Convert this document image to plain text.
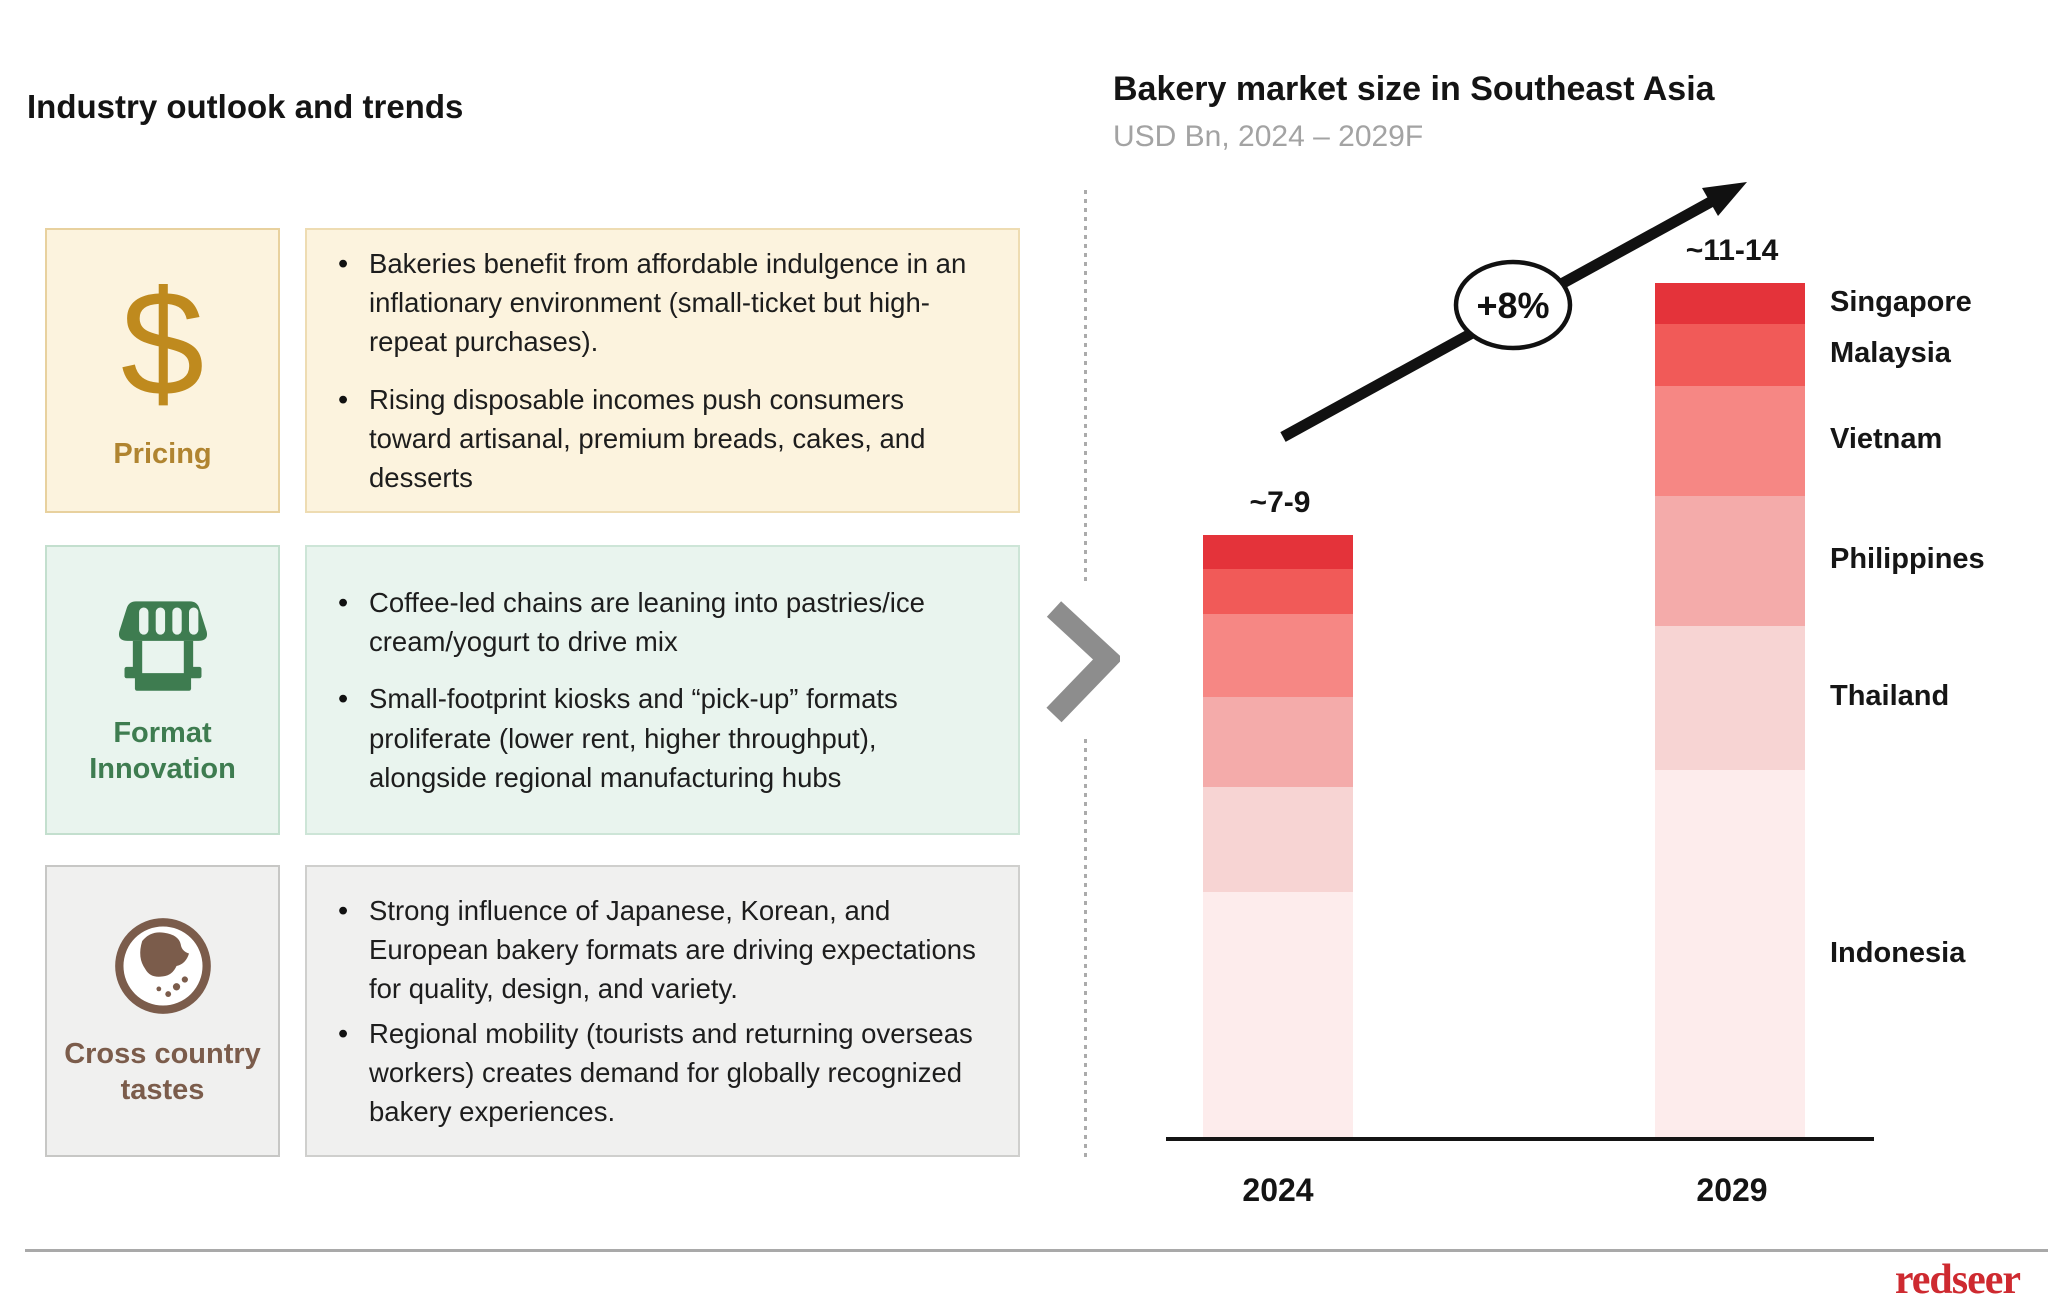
Industry outlook and trends
$
Pricing
• Bakeries benefit from affordable indulgence in an inflationary environment (small-ticket but high-repeat purchases).
• Rising disposable incomes push consumers toward artisanal, premium breads, cakes, and desserts
Format Innovation
• Coffee-led chains are leaning into pastries/ice cream/yogurt to drive mix
• Small-footprint kiosks and “pick-up” formats proliferate (lower rent, higher throughput), alongside regional manufacturing hubs
Cross country tastes
• Strong influence of Japanese, Korean, and European bakery formats are driving expectations for quality, design, and variety.
• Regional mobility (tourists and returning overseas workers) creates demand for globally recognized bakery experiences.
Bakery market size in Southeast Asia
USD Bn, 2024 – 2029F
+8%
~7-9
~11-14
Singapore
Malaysia
Vietnam
Philippines
Thailand
Indonesia
2024	2029
redseer
